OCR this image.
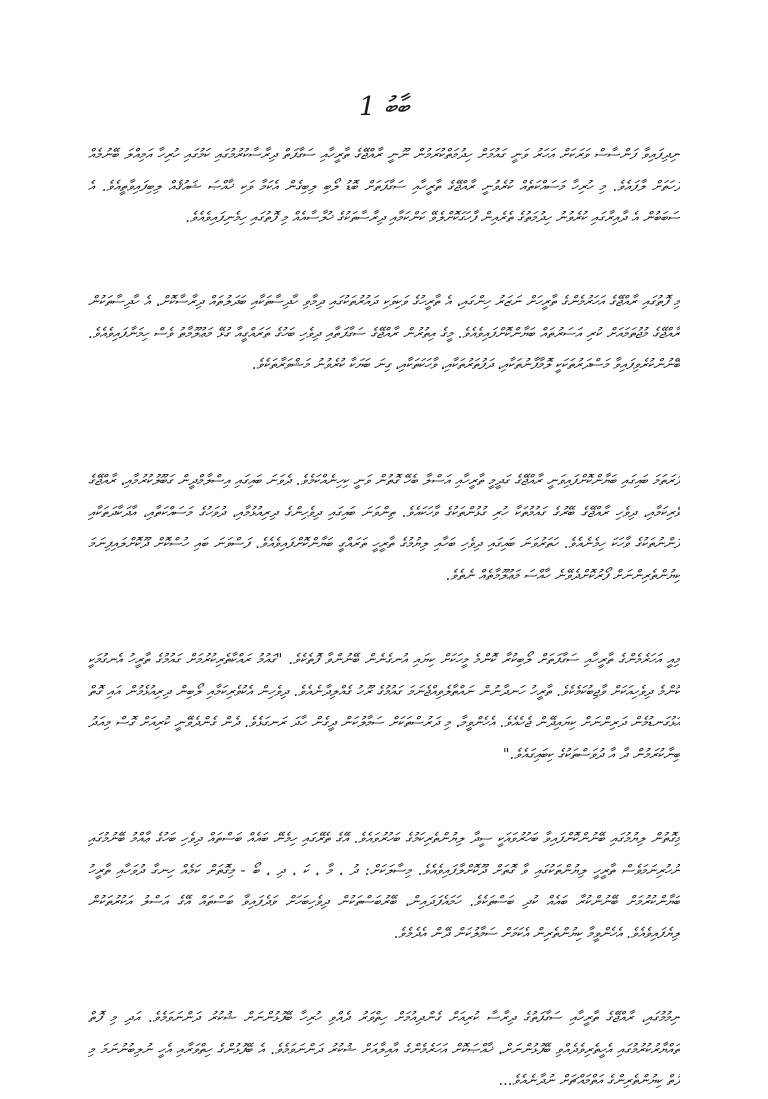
ބާބު 1

ނިދިފައިވާ ފަންސާސް ވަރަކަށް އަހަރު ވަނީ ގައުމަށް ހިދުމަތްކުރަމުން ނޫނީ ރާއްޖޭގެ ތާރީހާއި ސަގާފަތް ދިރާސާކުރުމުގައި ކަމުގައި ހުރިހާ އަމިއްލަ ބޭނުމެއް ފަހަތަށް ލާފައެވެ. މި ހުރިހާ މަސައްކަތެއް ކުރެވުނީ ރާއްޖޭގެ ތާރީހާއި ސަގާފަތަށް ބޮޑު ލޯބި ލިބިގެން އެކަމާ ވަކި ޚާއްޞަ ޝައުޤެއް ލިބިފައިވާތީއެވެ. އެ ސަބަބުން އެ ދާއިރާގައި ކުރެވުނު ހިދުމަތުގެ ތެރެއިން ފާހަގަކޮށްލެވޭ ކަންކަމާއި ދިރާސާތަކުގެ ޚުލާސާއެއް މި ފޮތުގައި ހިމެނިފައިވެއެވެ.

މި ފޮތުގައި ރާއްޖޭގެ އަހަރުމެންގެ ތާރީހަށް ނަޒަރު ހިންގައި، އެ ތާރީހުގެ ވަކިވަކި ދައުރުތަކުގައި ދިމާވި ހާދިސާތަކާއި ބަދަލުތައް ދިރާސާކޮށް، އެ ހާދިސާތަކުން ރާއްޖޭގެ މުޖުތަމައަށް ކުރި އަސަރުތައް ބަޔާންކޮށްފައިވެއެވެ. މީގެ އިތުރުން ރާއްޖޭގެ ސަގާފަތާއި ދިވެހި ބަހުގެ ތަރައްގީއާ ގުޅޭ މަޢުލޫމާތު ވެސް ހިމަނާފައިވެއެވެ. ބޭނުންކުރެވިފައިވާ މަސްދަރުތަކަކީ ލޮމާފާނުތަކާއި، ދަފުތަރުތަކާއި، ވާހަކަތަކާއި، ގިނަ ބަޔަކާ ކުރެވުނު މަޝްވަރާތަކެވެ.

ފުރަތަމަ ބައިގައި ބަޔާންކޮށްފައިވަނީ ރާއްޖޭގެ ގަދީމީ ތާރީހާއި އަސްލާ ބެހޭ ގޮތުން ވަނީ ކިހިނެއްކަމެވެ. ދެވަނަ ބައިގައި އިސްލާމްދީން ގަބޫލުކުރުމާއި، ރާއްޖޭގެ ވެރިކަމާއި، ދިވެހި ރާއްޖޭގެ ބޭރުގެ ގައުމުތަކާ ހުރި ގުޅުންތަކުގެ ވާހަކައެވެ. ތިންވަނަ ބައިގައި ދިވެހިންގެ ދިރިއުޅުމާއި، ދުވަހުގެ މަސައްކަތާއި، އާދަކާދަތަކާއި ފަންނުތަކުގެ ވާހަކަ ހިމެނެއެވެ. ހަތަރުވަނަ ބައިގައި ދިވެހި ބަހާއި ލިޔުމުގެ ތާރީހީ ތަރައްގީ ބަޔާންކޮށްފައިވެއެވެ. ފަސްވަނަ ބައި ހުސްކޮށް ދޫކޮށްލައިފިނަމަ ކިޔުންތެރިންނަށް ފޯރުކޮށްދެވޭނެ ހާއްސަ މަޢުލޫމާތެއް ނެތެވެ.

މިއީ އަހަރެމެންގެ ތާރީހާއި ސަގާފަތަށް ލޯބިކުރާ ކޮންމެ މީހަކަށް ކިޔައި އުނގެނެން ބޭނުންވާ ފޮތެކެވެ. "ގައުމު ރައްކާތެރިކުރުމަށް ގައުމުގެ ތާރީހު އެނގުމަކީ ކޮންމެ ދިވެހިއަކަށް ވާޖިބުކަމެކެވެ. ތާރީހު ހަނދާނުން ނައްތާލެވިއްޖެނަމަ ގައުމުގެ ރޫހު ގެއްލިދާނެއެވެ. ދިވެހިން އެކުވެރިކަމާއި ލޯބިން ދިރިއުޅެމުން އައި ގޮތް އަޅުގަނޑުމެން ދަރިންނަށް ކިޔައިދޭން ޖެހެއެވެ. އެހެންވީމާ، މި ދަރުސްތަކަށް ސަމާލުކަން ދީގެން ހާދަ ރަނގަޅެވެ. ދެން ގެންދެވޭނީ ކުރިއަށް ގޮސް މިއަދު ބިނާކުރަމުން ދާ އާ ދުވަސްތަކުގެ ކިބައިގައެވެ."

މިގޮތުން ލިޔުމުގައި ބޭނުންކޮށްފައިވާ ބަހުރުވައަކީ ސީދާ ލިޔުންތެރިކަމުގެ ބަހުރުވައެވެ. އޭގެ ތެރޭގައި ހިމެނޭ ބައެއް ބަސްތައް ދިވެހި ބަހުގެ ޢާއްމު ބޭނުމުގައި ނުހުރިނަމަވެސް ތާރީހީ ލިޔުންތަކުގައި ވާ ގޮތަށް ދޫކޮށްލާފައިވެއެވެ. މިސާލަކަށް: ދު ، މާ ، ކަ ، ދި ، ބޯ - މިގޮތަށް ކަމެއް ހިނގާ ދުވަހާއި ތާރީހު ބަޔާންކުރުމަށް ބޭނުންކުރާ ބައެއް ކުދި ބަސްތަކެވެ. ހަމައެފަދައިން، ބޭރުބަސްތަކުން ދިވެހިބަހަށް ވަދެފައިވާ ބަސްތައް އޭގެ އަސްލު އަކުރުތަކުން ލިޔެފައިވެއެވެ. އެހެންވީމާ ކިޔުންތެރިން އެކަމަށް ސަމާލުކަން ދޭން އެދެމެވެ.

ނިމުމުގައި، ރާއްޖޭގެ ތާރީހާއި ސަގާފަތުގެ ދިރާސާ ކުރިއަށް ގެންދިއުމަށް ހިތްވަރު ދެއްވި ހުރިހާ ބޭފުޅުންނަށް ޝުކުރު ދަންނަވަމެވެ. އަދި މި ފޮތް ތައްޔާރުކުރުމުގައި އެހީތެރިވެދެއްވި ބޭފުޅުންނަށް، ޚާއްޞަކޮށް އަހަރެމެންގެ އާއިލާއަށް ޝުކުރު ދަންނަވަމެވެ. އެ ބޭފުޅުންގެ ހިތްވަރާއި އެހީ ނުލިބުނުނަމަ މި ފޮތް ކިޔުންތެރިންގެ އަތްމައްޗަށް ނުދާނެއެވެ...
